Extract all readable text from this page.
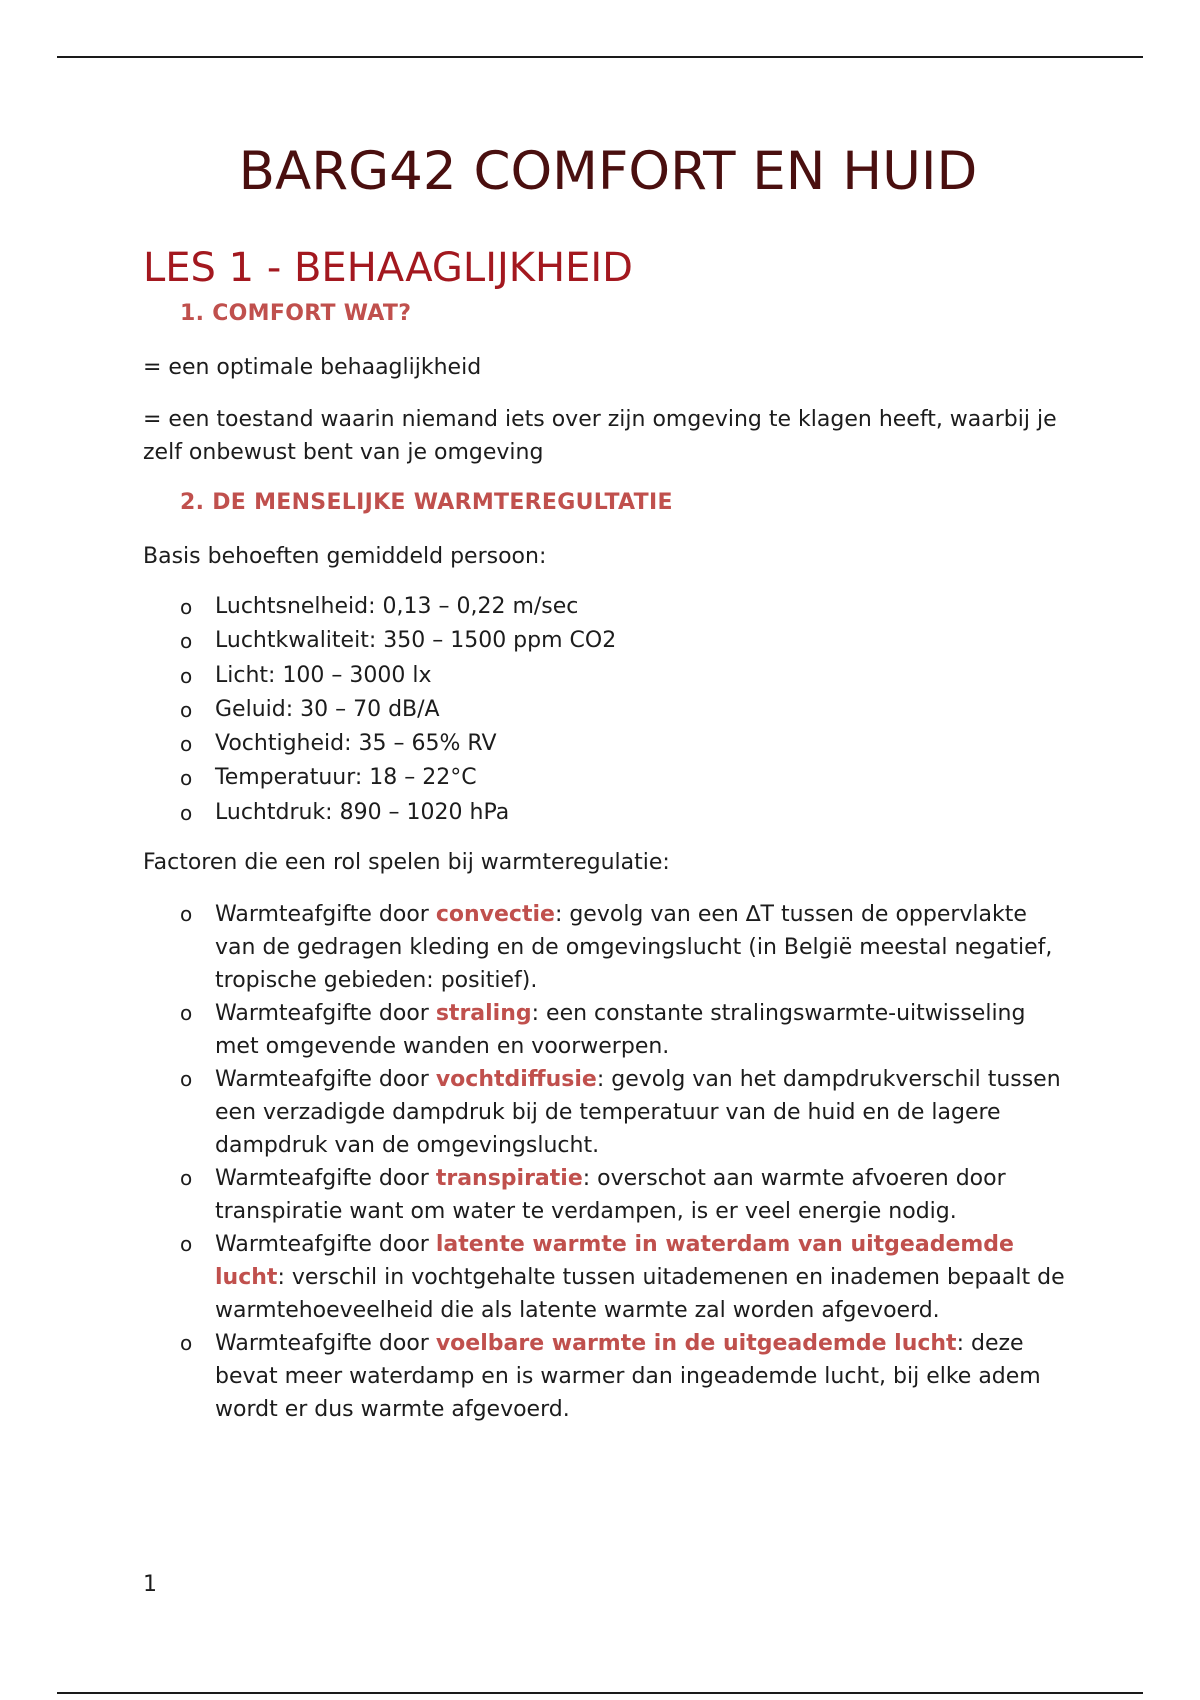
BARG42 COMFORT EN HUID
LES 1 - BEHAAGLIJKHEID
1. COMFORT WAT?

= een optimale behaaglijkheid

= een toestand waarin niemand iets over zijn omgeving te klagen heeft, waarbij je zelf onbewust bent van je omgeving

2. DE MENSELIJKE WARMTEREGULTATIE

Basis behoeften gemiddeld persoon:

o Luchtsnelheid: 0,13 – 0,22 m/sec
o Luchtkwaliteit: 350 – 1500 ppm CO2
o Licht: 100 – 3000 lx
o Geluid: 30 – 70 dB/A
o Vochtigheid: 35 – 65% RV
o Temperatuur: 18 – 22°C
o Luchtdruk: 890 – 1020 hPa

Factoren die een rol spelen bij warmteregulatie:

o Warmteafgifte door convectie: gevolg van een ∆T tussen de oppervlakte van de gedragen kleding en de omgevingslucht (in België meestal negatief, tropische gebieden: positief).
o Warmteafgifte door straling: een constante stralingswarmte-uitwisseling met omgevende wanden en voorwerpen.
o Warmteafgifte door vochtdiffusie: gevolg van het dampdrukverschil tussen een verzadigde dampdruk bij de temperatuur van de huid en de lagere dampdruk van de omgevingslucht.
o Warmteafgifte door transpiratie: overschot aan warmte afvoeren door transpiratie want om water te verdampen, is er veel energie nodig.
o Warmteafgifte door latente warmte in waterdam van uitgeademde lucht: verschil in vochtgehalte tussen uitademenen en inademen bepaalt de warmtehoeveelheid die als latente warmte zal worden afgevoerd.
o Warmteafgifte door voelbare warmte in de uitgeademde lucht: deze bevat meer waterdamp en is warmer dan ingeademde lucht, bij elke adem wordt er dus warmte afgevoerd.
1
